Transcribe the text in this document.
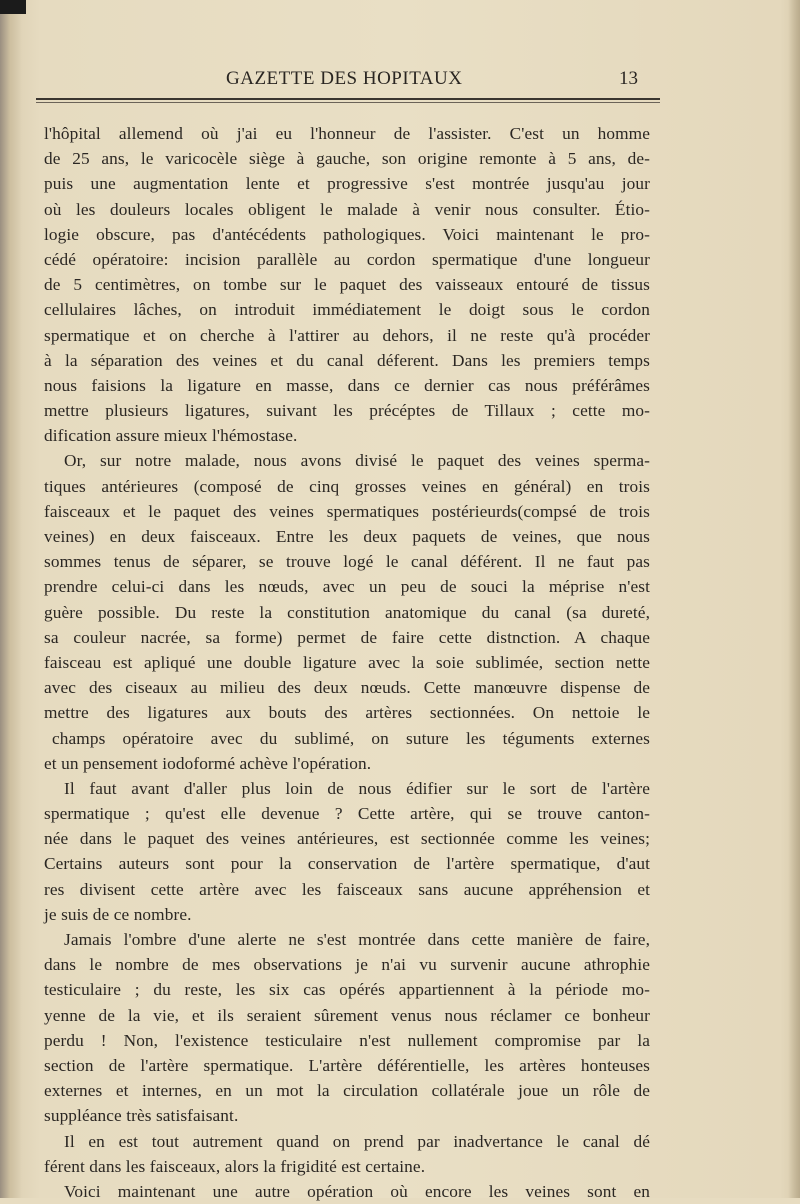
GAZETTE DES HOPITAUX	13
l'hôpital allemend où j'ai eu l'honneur de l'assister. C'est un homme
de 25 ans, le varicocèle siège à gauche, son origine remonte à 5 ans, de-
puis une augmentation lente et progressive s'est montrée jusqu'au jour
où les douleurs locales obligent le malade à venir nous consulter. Étio-
logie obscure, pas d'antécédents pathologiques. Voici maintenant le pro-
cédé opératoire: incision parallèle au cordon spermatique d'une longueur
de 5 centimètres, on tombe sur le paquet des vaisseaux entouré de tissus
cellulaires lâches, on introduit immédiatement le doigt sous le cordon
spermatique et on cherche à l'attirer au dehors, il ne reste qu'à procéder
à la séparation des veines et du canal déferent. Dans les premiers temps
nous faisions la ligature en masse, dans ce dernier cas nous préférâmes
mettre plusieurs ligatures, suivant les précéptes de Tillaux ; cette mo-
dification assure mieux l'hémostase.
Or, sur notre malade, nous avons divisé le paquet des veines sperma-
tiques antérieures (composé de cinq grosses veines en général) en trois
faisceaux et le paquet des veines spermatiques postérieurds(compsé de trois
veines) en deux faisceaux. Entre les deux paquets de veines, que nous
sommes tenus de séparer, se trouve logé le canal déférent. Il ne faut pas
prendre celui-ci dans les nœuds, avec un peu de souci la méprise n'est
guère possible. Du reste la constitution anatomique du canal (sa dureté,
sa couleur nacrée, sa forme) permet de faire cette distnction. A chaque
faisceau est apliqué une double ligature avec la soie sublimée, section nette
avec des ciseaux au milieu des deux nœuds. Cette manœuvre dispense de
mettre des ligatures aux bouts des artères sectionnées. On nettoie le
champs opératoire avec du sublimé, on suture les téguments externes
et un pensement iodoformé achève l'opération.
Il faut avant d'aller plus loin de nous édifier sur le sort de l'artère
spermatique ; qu'est elle devenue ? Cette artère, qui se trouve canton-
née dans le paquet des veines antérieures, est sectionnée comme les veines;
Certains auteurs sont pour la conservation de l'artère spermatique, d'aut
res divisent cette artère avec les faisceaux sans aucune appréhension et
je suis de ce nombre.
Jamais l'ombre d'une alerte ne s'est montrée dans cette manière de faire,
dans le nombre de mes observations je n'ai vu survenir aucune athrophie
testiculaire ; du reste, les six cas opérés appartiennent à la période mo-
yenne de la vie, et ils seraient sûrement venus nous réclamer ce bonheur
perdu ! Non, l'existence testiculaire n'est nullement compromise par la
section de l'artère spermatique. L'artère déférentielle, les artères honteuses
externes et internes, en un mot la circulation collatérale joue un rôle de
suppléance très satisfaisant.
Il en est tout autrement quand on prend par inadvertance le canal dé
férent dans les faisceaux, alors la frigidité est certaine.
Voici maintenant une autre opération où encore les veines sont en
